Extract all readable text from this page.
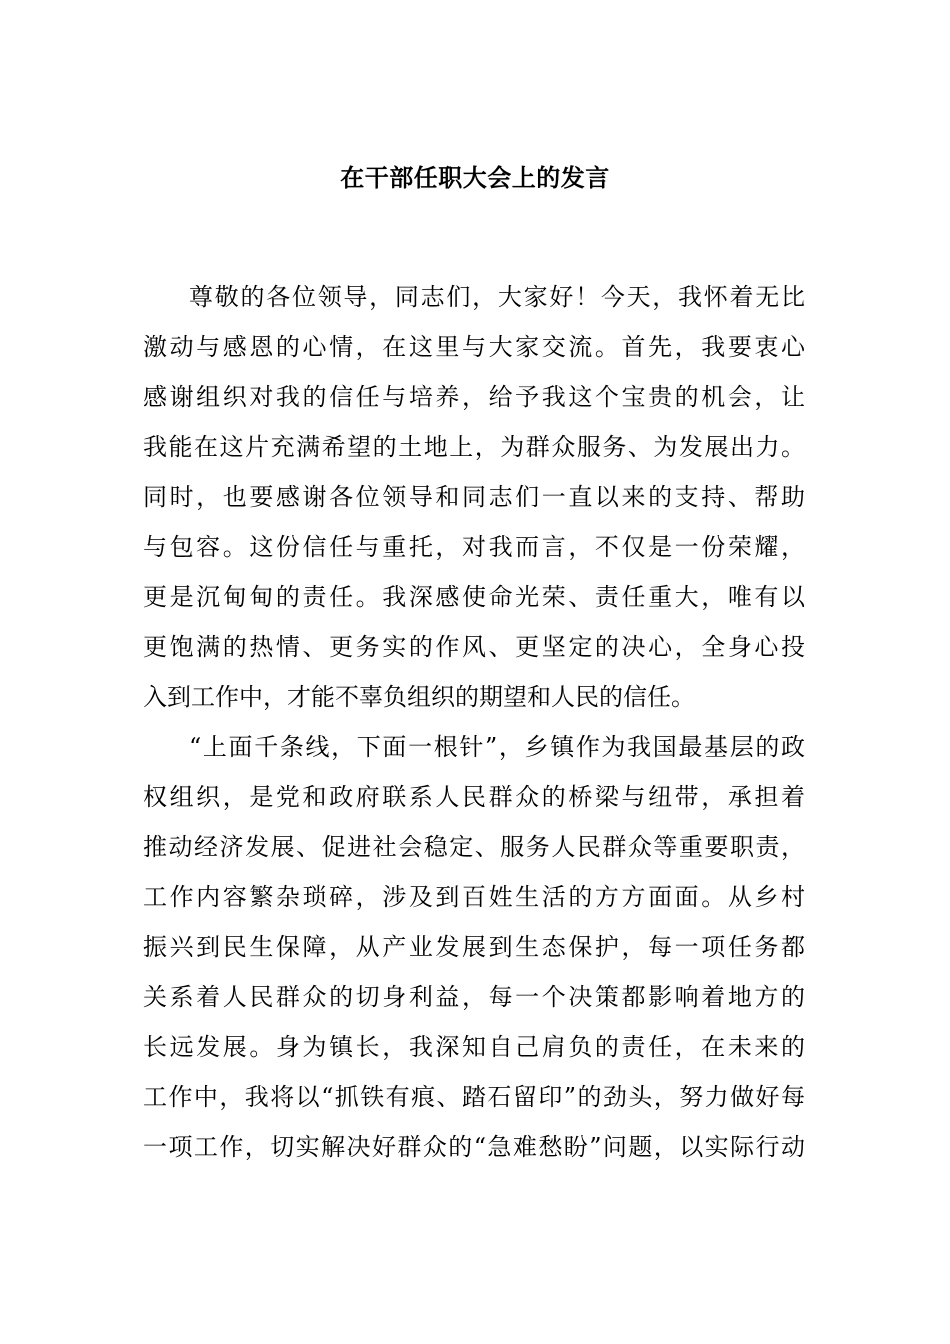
在干部任职大会上的发言
尊敬的各位领导，同志们，大家好！今天，我怀着无比
激动与感恩的心情，在这里与大家交流。首先，我要衷心
感谢组织对我的信任与培养，给予我这个宝贵的机会，让
我能在这片充满希望的土地上，为群众服务、为发展出力。
同时，也要感谢各位领导和同志们一直以来的支持、帮助
与包容。这份信任与重托，对我而言，不仅是一份荣耀，
更是沉甸甸的责任。我深感使命光荣、责任重大，唯有以
更饱满的热情、更务实的作风、更坚定的决心，全身心投
入到工作中，才能不辜负组织的期望和人民的信任。
“上面千条线，下面一根针”，乡镇作为我国最基层的政
权组织，是党和政府联系人民群众的桥梁与纽带，承担着
推动经济发展、促进社会稳定、服务人民群众等重要职责，
工作内容繁杂琐碎，涉及到百姓生活的方方面面。从乡村
振兴到民生保障，从产业发展到生态保护，每一项任务都
关系着人民群众的切身利益，每一个决策都影响着地方的
长远发展。身为镇长，我深知自己肩负的责任，在未来的
工作中，我将以“抓铁有痕、踏石留印”的劲头，努力做好每
一项工作，切实解决好群众的“急难愁盼”问题，以实际行动
